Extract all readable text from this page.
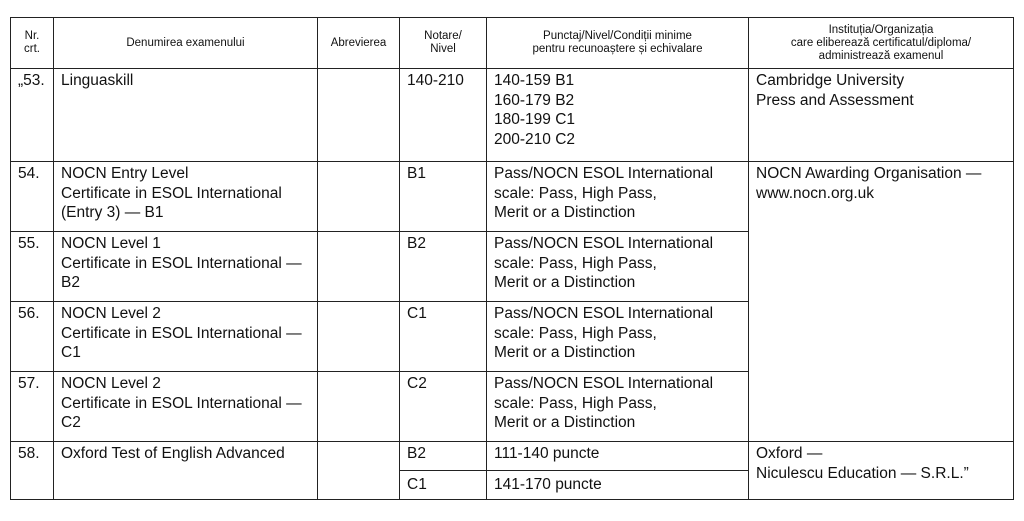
Nr.
crt.	Denumirea examenului	Abrevierea	Notare/
Nivel	Punctaj/Nivel/Condiții minime
pentru recunoaștere și echivalare	Instituția/Organizația
care eliberează certificatul/diploma/
administrează examenul
„53.	Linguaskill		140-210	140-159 B1
160-179 B2
180-199 C1
200-210 C2	Cambridge University
Press and Assessment
54.	NOCN Entry Level
Certificate in ESOL International
(Entry 3) — B1		B1	Pass/NOCN ESOL International
scale: Pass, High Pass,
Merit or a Distinction	NOCN Awarding Organisation —
www.nocn.org.uk
55.	NOCN Level 1
Certificate in ESOL International —
B2		B2	Pass/NOCN ESOL International
scale: Pass, High Pass,
Merit or a Distinction	
56.	NOCN Level 2
Certificate in ESOL International —
C1		C1	Pass/NOCN ESOL International
scale: Pass, High Pass,
Merit or a Distinction	
57.	NOCN Level 2
Certificate in ESOL International —
C2		C2	Pass/NOCN ESOL International
scale: Pass, High Pass,
Merit or a Distinction	
58.	Oxford Test of English Advanced		B2	111-140 puncte	Oxford —
Niculescu Education — S.R.L.”
			C1	141-170 puncte	
